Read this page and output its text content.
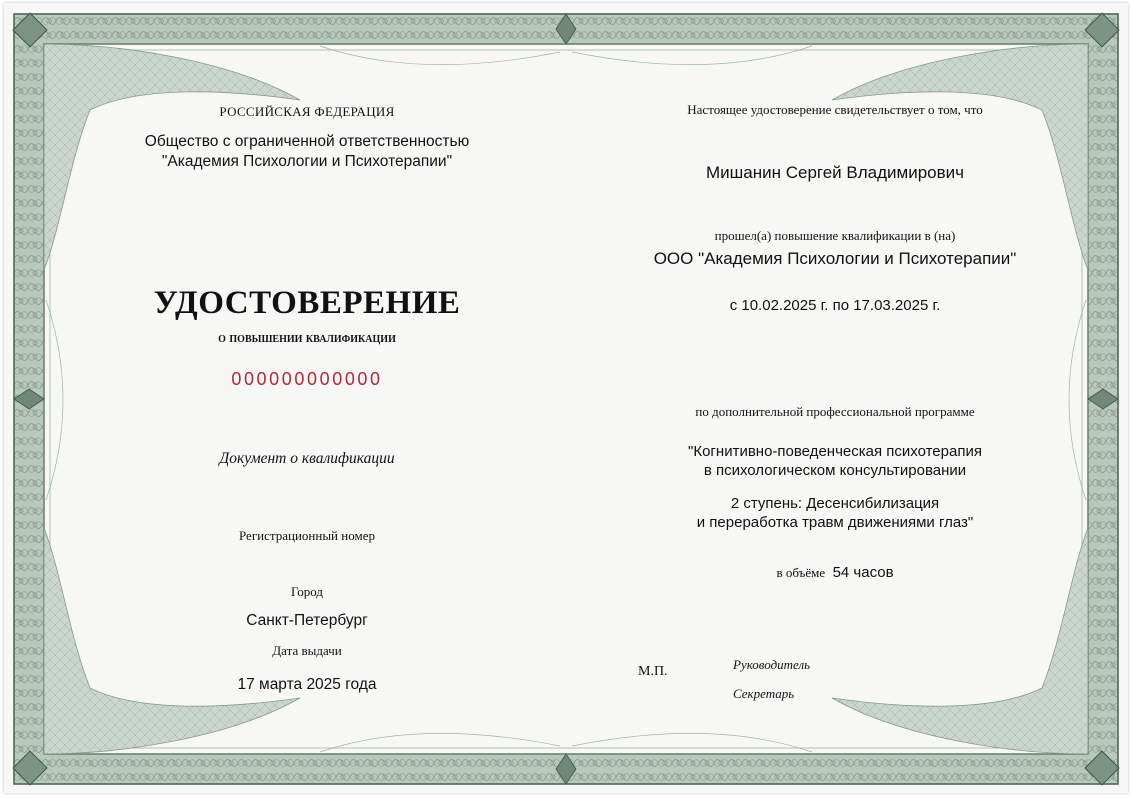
РОССИЙСКАЯ ФЕДЕРАЦИЯ
Общество с ограниченной ответственностью
"Академия Психологии и Психотерапии"
УДОСТОВЕРЕНИЕ
о повышении квалификации
000000000000
Документ о квалификации
Регистрационный номер
Город
Санкт-Петербург
Дата выдачи
17 марта 2025 года
Настоящее удостоверение свидетельствует о том, что
Мишанин Сергей Владимирович
прошел(а) повышение квалификации в (на)
ООО "Академия Психологии и Психотерапии"
с 10.02.2025 г. по 17.03.2025 г.
по дополнительной профессиональной программе
"Когнитивно-поведенческая психотерапия
в психологическом консультировании
2 ступень: Десенсибилизация
и переработка травм движениями глаз"
в объёме 54 часов
М.П.	Руководитель
Секретарь
